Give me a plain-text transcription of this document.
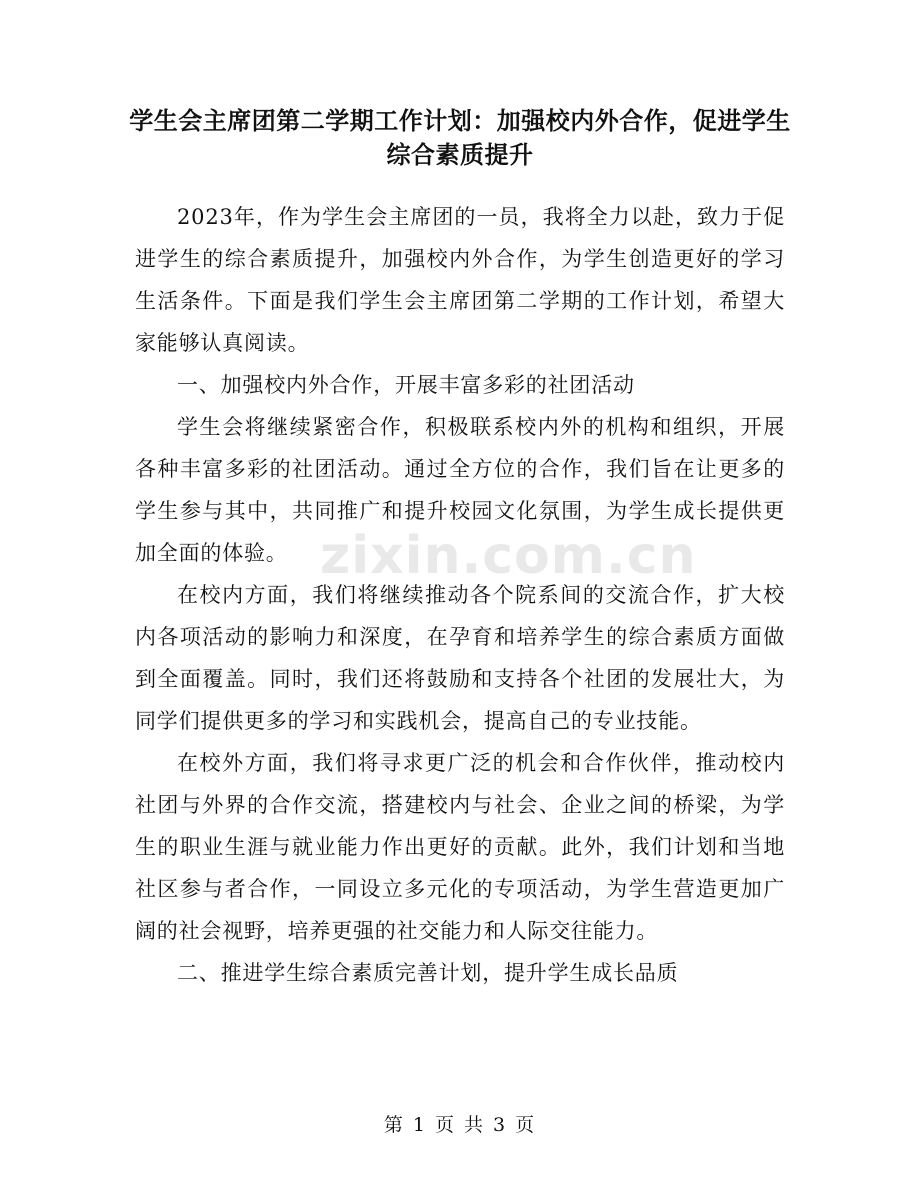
zixin.com.cn
学生会主席团第二学期工作计划：加强校内外合作，促进学生
综合素质提升

2023年，作为学生会主席团的一员，我将全力以赴，致力于促进学生的综合素质提升，加强校内外合作，为学生创造更好的学习生活条件。下面是我们学生会主席团第二学期的工作计划，希望大家能够认真阅读。

一、加强校内外合作，开展丰富多彩的社团活动

学生会将继续紧密合作，积极联系校内外的机构和组织，开展各种丰富多彩的社团活动。通过全方位的合作，我们旨在让更多的学生参与其中，共同推广和提升校园文化氛围，为学生成长提供更加全面的体验。

在校内方面，我们将继续推动各个院系间的交流合作，扩大校内各项活动的影响力和深度，在孕育和培养学生的综合素质方面做到全面覆盖。同时，我们还将鼓励和支持各个社团的发展壮大，为同学们提供更多的学习和实践机会，提高自己的专业技能。

在校外方面，我们将寻求更广泛的机会和合作伙伴，推动校内社团与外界的合作交流，搭建校内与社会、企业之间的桥梁，为学生的职业生涯与就业能力作出更好的贡献。此外，我们计划和当地社区参与者合作，一同设立多元化的专项活动，为学生营造更加广阔的社会视野，培养更强的社交能力和人际交往能力。

二、推进学生综合素质完善计划，提升学生成长品质

第 1 页 共 3 页
